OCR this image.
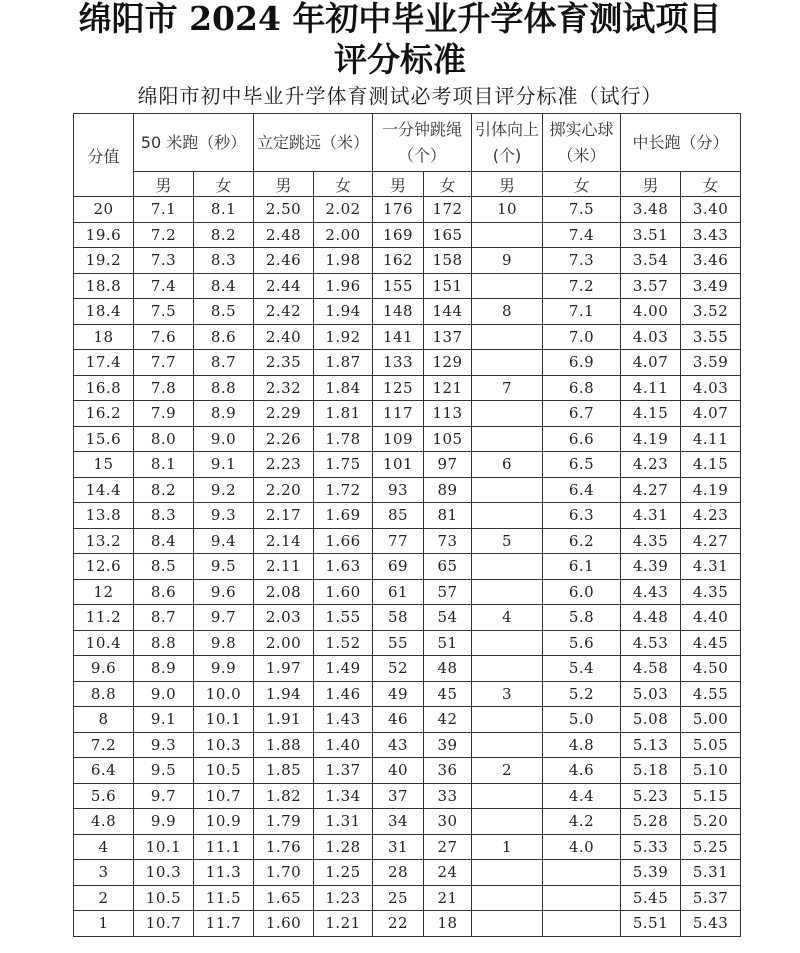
绵阳市 2024 年初中毕业升学体育测试项目
评分标准
绵阳市初中毕业升学体育测试必考项目评分标准（试行）
分值	50 米跑（秒）		立定跳远（米）		一分钟跳绳（个）		引体向上(个)	掷实心球（米）	中长跑（分）	
	男	女	男	女	男	女	男	女	男	女
20	7.1	8.1	2.50	2.02	176	172	10	7.5	3.48	3.40
19.6	7.2	8.2	2.48	2.00	169	165		7.4	3.51	3.43
19.2	7.3	8.3	2.46	1.98	162	158	9	7.3	3.54	3.46
18.8	7.4	8.4	2.44	1.96	155	151		7.2	3.57	3.49
18.4	7.5	8.5	2.42	1.94	148	144	8	7.1	4.00	3.52
18	7.6	8.6	2.40	1.92	141	137		7.0	4.03	3.55
17.4	7.7	8.7	2.35	1.87	133	129		6.9	4.07	3.59
16.8	7.8	8.8	2.32	1.84	125	121	7	6.8	4.11	4.03
16.2	7.9	8.9	2.29	1.81	117	113		6.7	4.15	4.07
15.6	8.0	9.0	2.26	1.78	109	105		6.6	4.19	4.11
15	8.1	9.1	2.23	1.75	101	97	6	6.5	4.23	4.15
14.4	8.2	9.2	2.20	1.72	93	89		6.4	4.27	4.19
13.8	8.3	9.3	2.17	1.69	85	81		6.3	4.31	4.23
13.2	8.4	9.4	2.14	1.66	77	73	5	6.2	4.35	4.27
12.6	8.5	9.5	2.11	1.63	69	65		6.1	4.39	4.31
12	8.6	9.6	2.08	1.60	61	57		6.0	4.43	4.35
11.2	8.7	9.7	2.03	1.55	58	54	4	5.8	4.48	4.40
10.4	8.8	9.8	2.00	1.52	55	51		5.6	4.53	4.45
9.6	8.9	9.9	1.97	1.49	52	48		5.4	4.58	4.50
8.8	9.0	10.0	1.94	1.46	49	45	3	5.2	5.03	4.55
8	9.1	10.1	1.91	1.43	46	42		5.0	5.08	5.00
7.2	9.3	10.3	1.88	1.40	43	39		4.8	5.13	5.05
6.4	9.5	10.5	1.85	1.37	40	36	2	4.6	5.18	5.10
5.6	9.7	10.7	1.82	1.34	37	33		4.4	5.23	5.15
4.8	9.9	10.9	1.79	1.31	34	30		4.2	5.28	5.20
4	10.1	11.1	1.76	1.28	31	27	1	4.0	5.33	5.25
3	10.3	11.3	1.70	1.25	28	24			5.39	5.31
2	10.5	11.5	1.65	1.23	25	21			5.45	5.37
1	10.7	11.7	1.60	1.21	22	18			5.51	5.43
